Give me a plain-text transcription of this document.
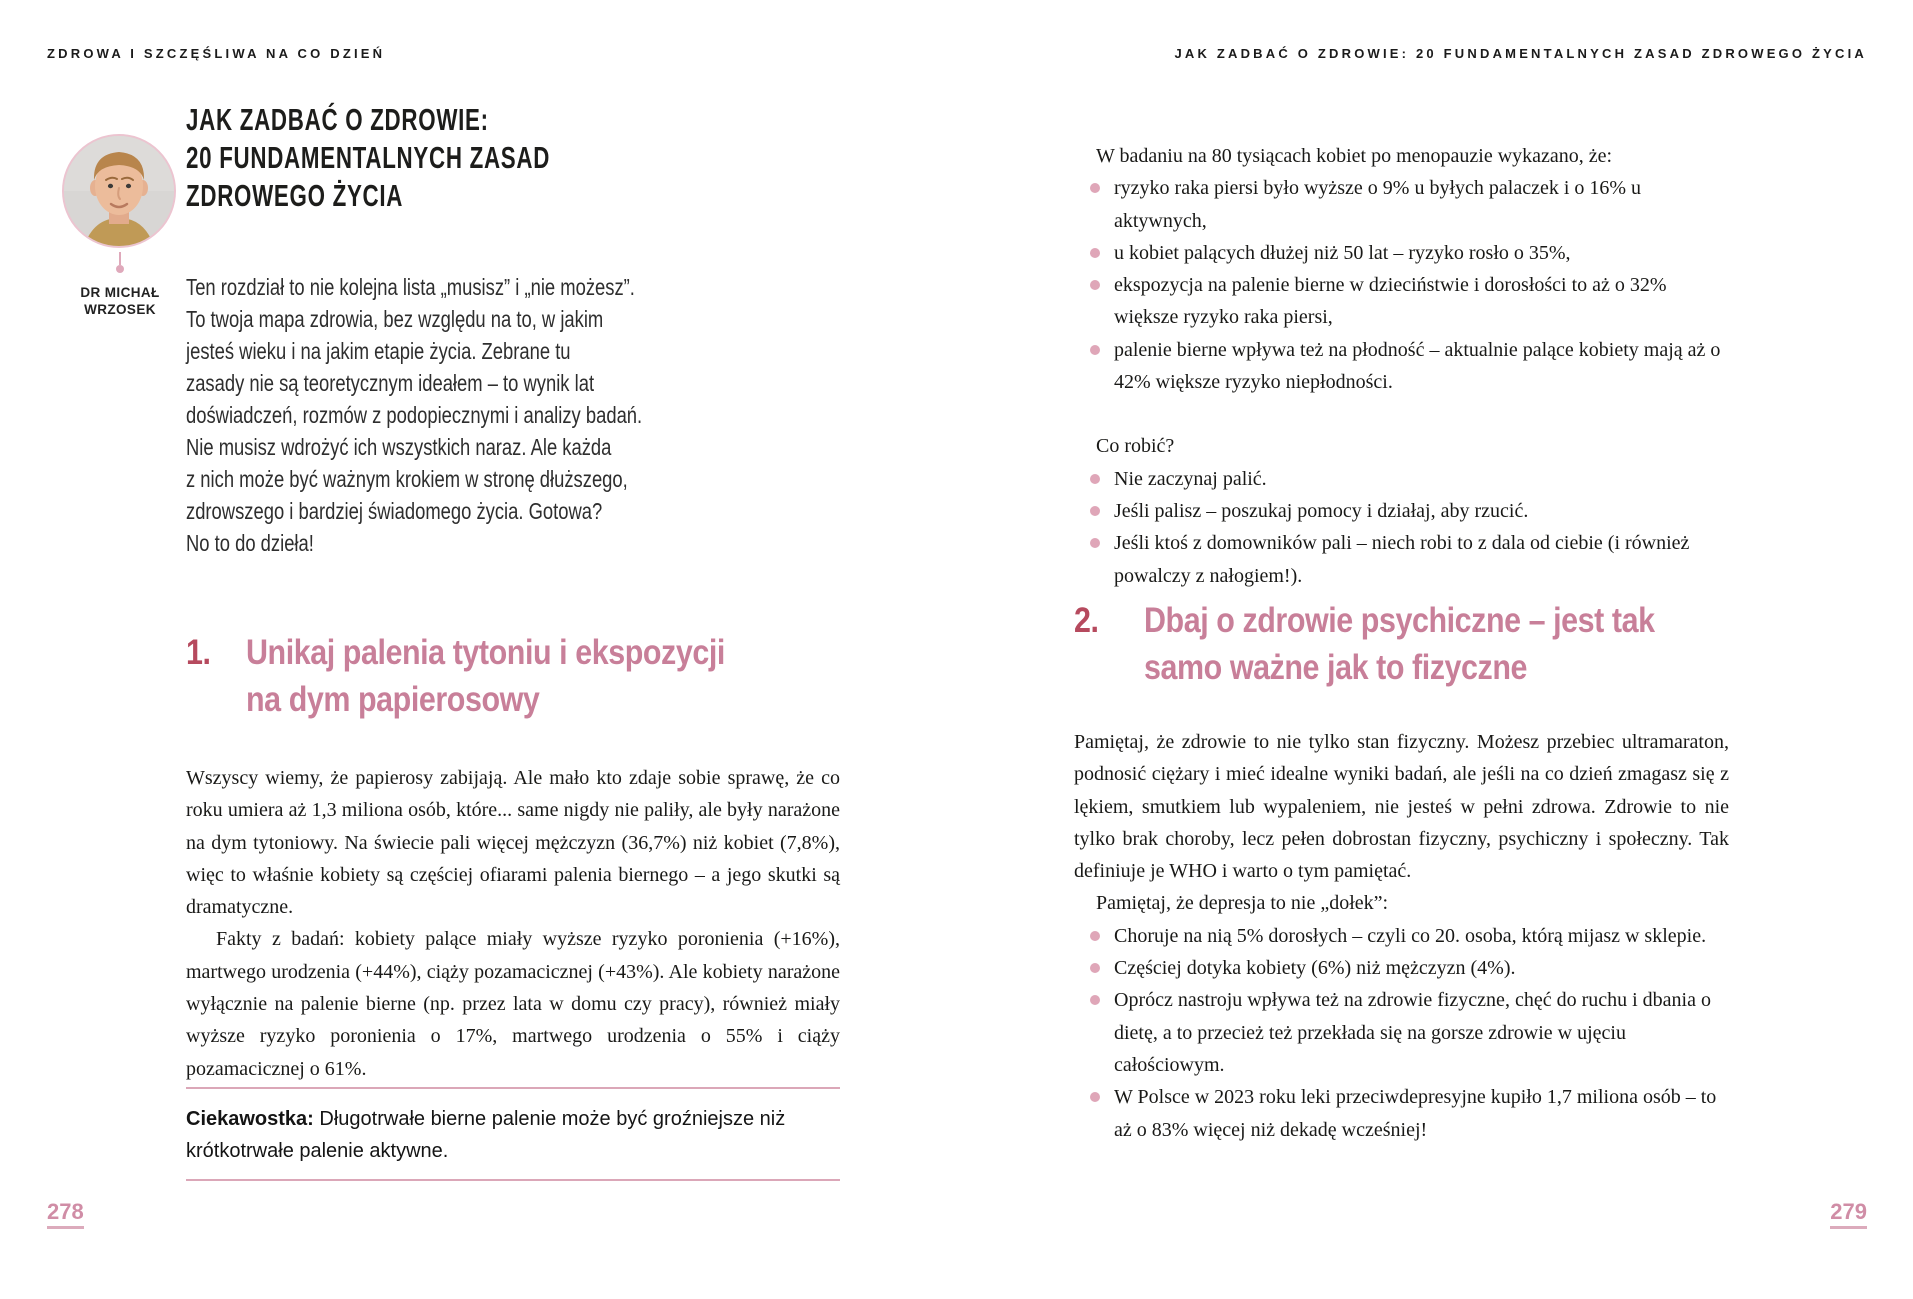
ZDROWA I SZCZĘŚLIWA NA CO DZIEŃ
DR MICHAŁ
WRZOSEK
JAK ZADBAĆ O ZDROWIE:
20 FUNDAMENTALNYCH ZASAD
ZDROWEGO ŻYCIA

Ten rozdział to nie kolejna lista „musisz” i „nie możesz”.
To twoja mapa zdrowia, bez względu na to, w jakim
jesteś wieku i na jakim etapie życia. Zebrane tu
zasady nie są teoretycznym ideałem – to wynik lat
doświadczeń, rozmów z podopiecznymi i analizy badań.
Nie musisz wdrożyć ich wszystkich naraz. Ale każda
z nich może być ważnym krokiem w stronę dłuższego,
zdrowszego i bardziej świadomego życia. Gotowa?
No to do dzieła!

1.	Unikaj palenia tytoniu i ekspozycji
na dym papierosowy

Wszyscy wiemy, że papierosy zabijają. Ale mało kto zdaje sobie sprawę, że co roku umiera aż 1,3 miliona osób, które... same nigdy nie paliły, ale były narażone na dym tytoniowy. Na świecie pali więcej mężczyzn (36,7%) niż kobiet (7,8%), więc to właśnie kobiety są częściej ofiarami palenia biernego – a jego skutki są dramatyczne.

Fakty z badań: kobiety palące miały wyższe ryzyko poronienia (+16%), martwego urodzenia (+44%), ciąży pozamacicznej (+43%). Ale kobiety narażone wyłącznie na palenie bierne (np. przez lata w domu czy pracy), również miały wyższe ryzyko poronienia o 17%, martwego urodzenia o 55% i ciąży pozamacicznej o 61%.

Ciekawostka: Długotrwałe bierne palenie może być groźniejsze niż krótkotrwałe palenie aktywne.

278
JAK ZADBAĆ O ZDROWIE: 20 FUNDAMENTALNYCH ZASAD ZDROWEGO ŻYCIA

W badaniu na 80 tysiącach kobiet po menopauzie wykazano, że:

ryzyko raka piersi było wyższe o 9% u byłych palaczek i o 16% u aktywnych,
u kobiet palących dłużej niż 50 lat – ryzyko rosło o 35%,
ekspozycja na palenie bierne w dzieciństwie i dorosłości to aż o 32% większe ryzyko raka piersi,
palenie bierne wpływa też na płodność – aktualnie palące kobiety mają aż o 42% większe ryzyko niepłodności.

Co robić?

Nie zaczynaj palić.
Jeśli palisz – poszukaj pomocy i działaj, aby rzucić.
Jeśli ktoś z domowników pali – niech robi to z dala od ciebie (i również powalczy z nałogiem!).
2.	Dbaj o zdrowie psychiczne – jest tak
samo ważne jak to fizyczne

Pamiętaj, że zdrowie to nie tylko stan fizyczny. Możesz przebiec ultramaraton, podnosić ciężary i mieć idealne wyniki badań, ale jeśli na co dzień zmagasz się z lękiem, smutkiem lub wypaleniem, nie jesteś w pełni zdrowa. Zdrowie to nie tylko brak choroby, lecz pełen dobrostan fizyczny, psychiczny i społeczny. Tak definiuje je WHO i warto o tym pamiętać.

Pamiętaj, że depresja to nie „dołek”:

Choruje na nią 5% dorosłych – czyli co 20. osoba, którą mijasz w sklepie.
Częściej dotyka kobiety (6%) niż mężczyzn (4%).
Oprócz nastroju wpływa też na zdrowie fizyczne, chęć do ruchu i dbania o dietę, a to przecież też przekłada się na gorsze zdrowie w ujęciu całościowym.
W Polsce w 2023 roku leki przeciwdepresyjne kupiło 1,7 miliona osób – to aż o 83% więcej niż dekadę wcześniej!
279
